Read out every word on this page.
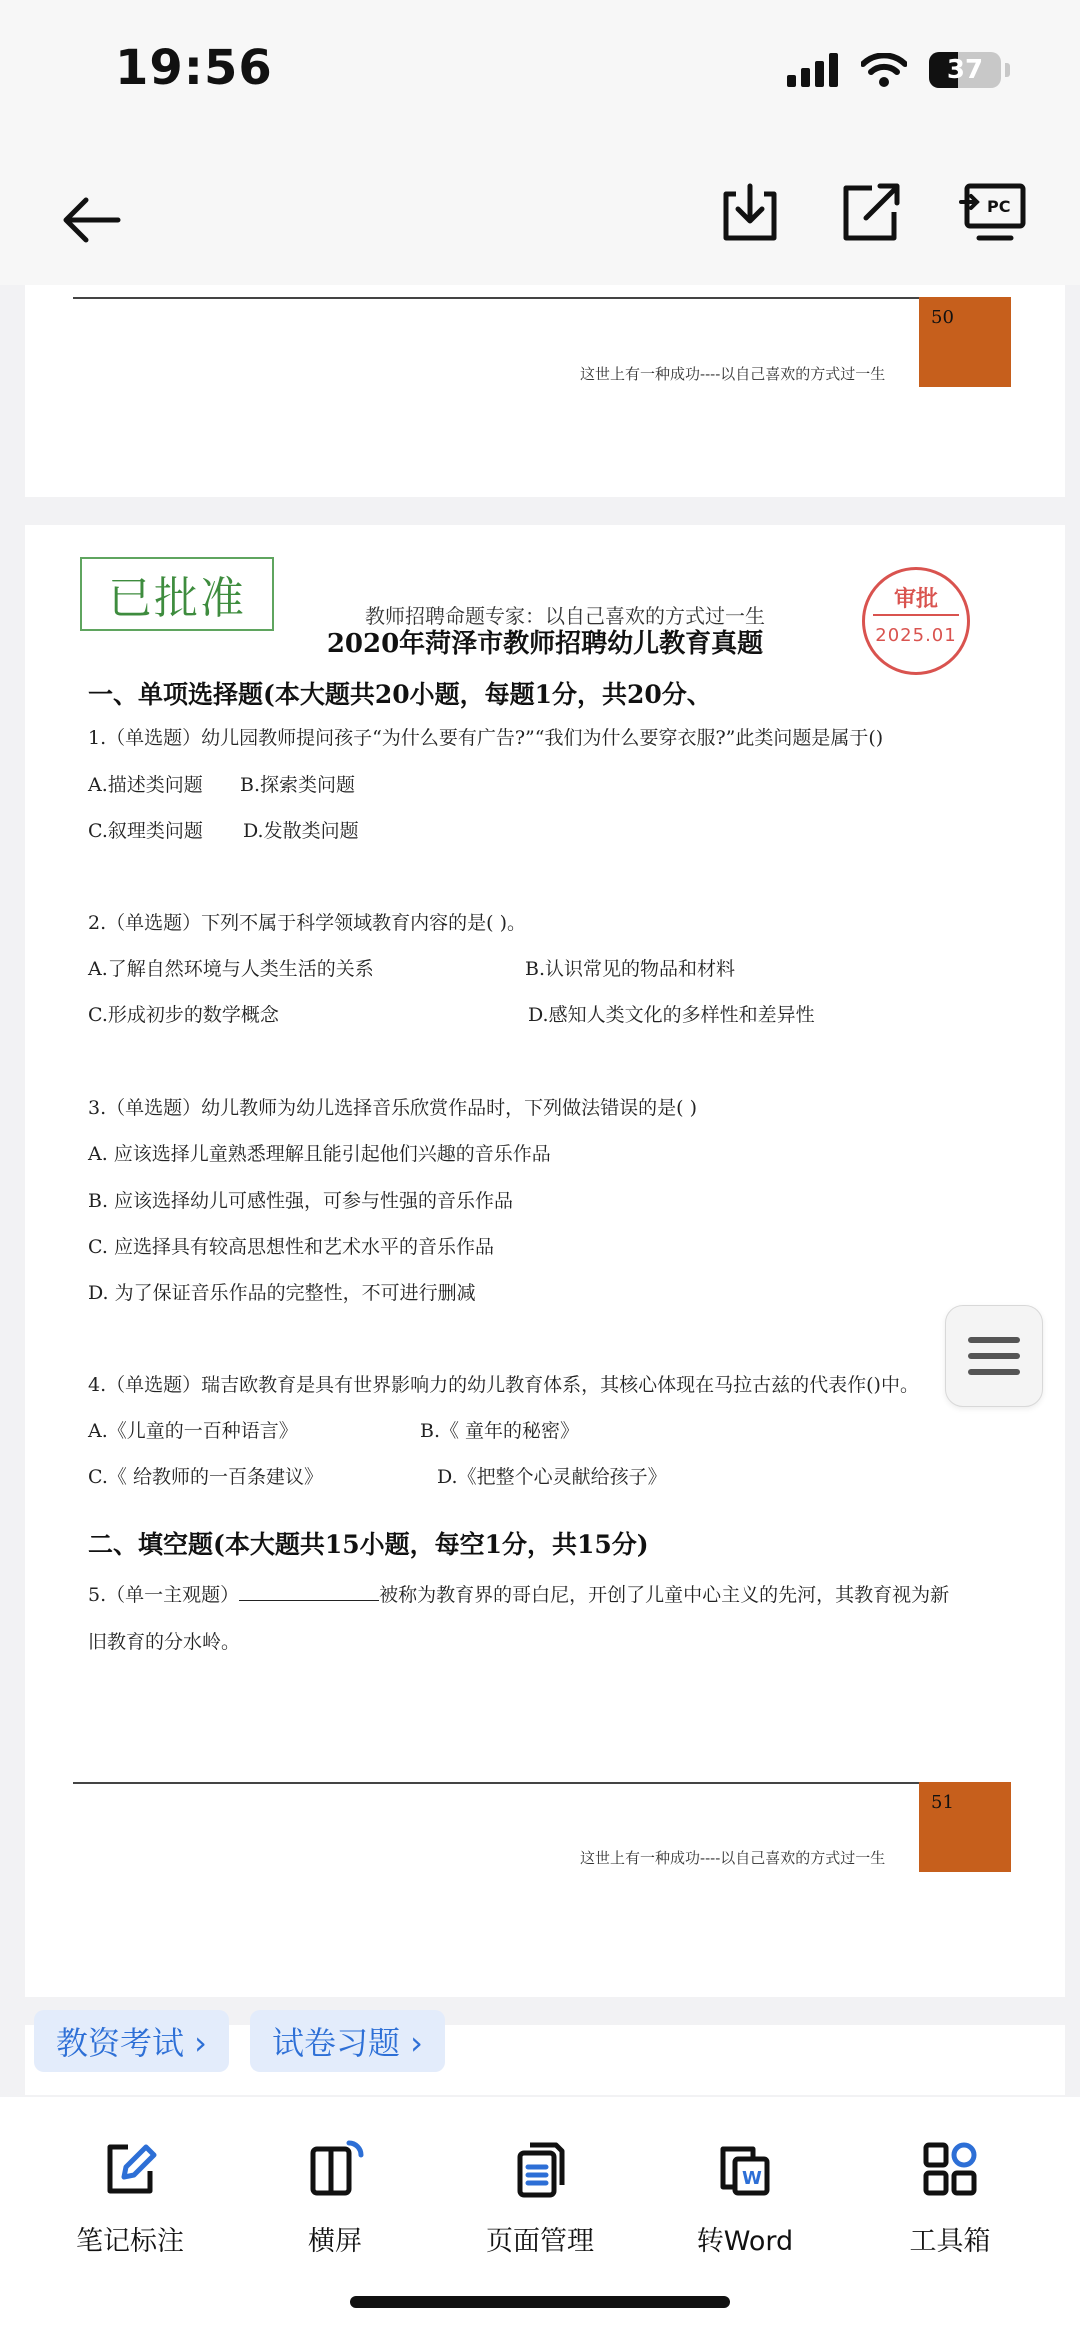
19:56	37
PC
50
这世上有一种成功----以自己喜欢的方式过一生
已批准	教师招聘命题专家：以自己喜欢的方式过一生
审批
2025.01
2020年菏泽市教师招聘幼儿教育真题
一、单项选择题(本大题共20小题，每题1分，共20分、
1.（单选题）幼儿园教师提问孩子“为什么要有广告?”“我们为什么要穿衣服?”此类问题是属于()
A.描述类问题 B.探索类问题
C.叙理类问题 D.发散类问题
2.（单选题）下列不属于科学领域教育内容的是( )。
A.了解自然环境与人类生活的关系	B.认识常见的物品和材料
C.形成初步的数学概念	D.感知人类文化的多样性和差异性
3.（单选题）幼儿教师为幼儿选择音乐欣赏作品时，下列做法错误的是( )
A. 应该选择儿童熟悉理解且能引起他们兴趣的音乐作品
B. 应该选择幼儿可感性强，可参与性强的音乐作品
C. 应选择具有较高思想性和艺术水平的音乐作品
D. 为了保证音乐作品的完整性，不可进行删减
4.（单选题）瑞吉欧教育是具有世界影响力的幼儿教育体系，其核心体现在马拉古兹的代表作()中。
A.《儿童的一百种语言》	B.《 童年的秘密》
C.《 给教师的一百条建议》	D.《把整个心灵献给孩子》
二、填空题(本大题共15小题，每空1分，共15分)
5.（单一主观题）	被称为教育界的哥白尼，开创了儿童中心主义的先河，其教育视为新
旧教育的分水岭。
51
这世上有一种成功----以自己喜欢的方式过一生
教资考试 ›	试卷习题 ›
笔记标注	横屏	页面管理
W
转Word	工具箱
